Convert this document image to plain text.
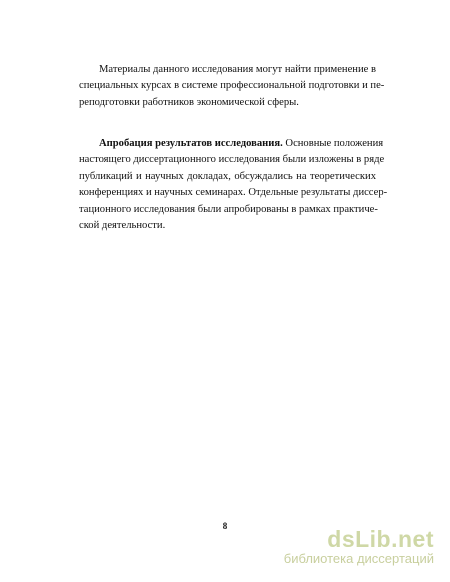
Материалы данного исследования могут найти применение в
специальных курсах в системе профессиональной подготовки и пе-
реподготовки работников экономической сферы.
Апробация результатов исследования. Основные положения
настоящего диссертационного исследования были изложены в ряде
публикаций и научных докладах, обсуждались на теоретических
конференциях и научных семинарах. Отдельные результаты диссер-
тационного исследования были апробированы в рамках практиче-
ской деятельности.
8	dsLib.net
библиотека диссертаций
